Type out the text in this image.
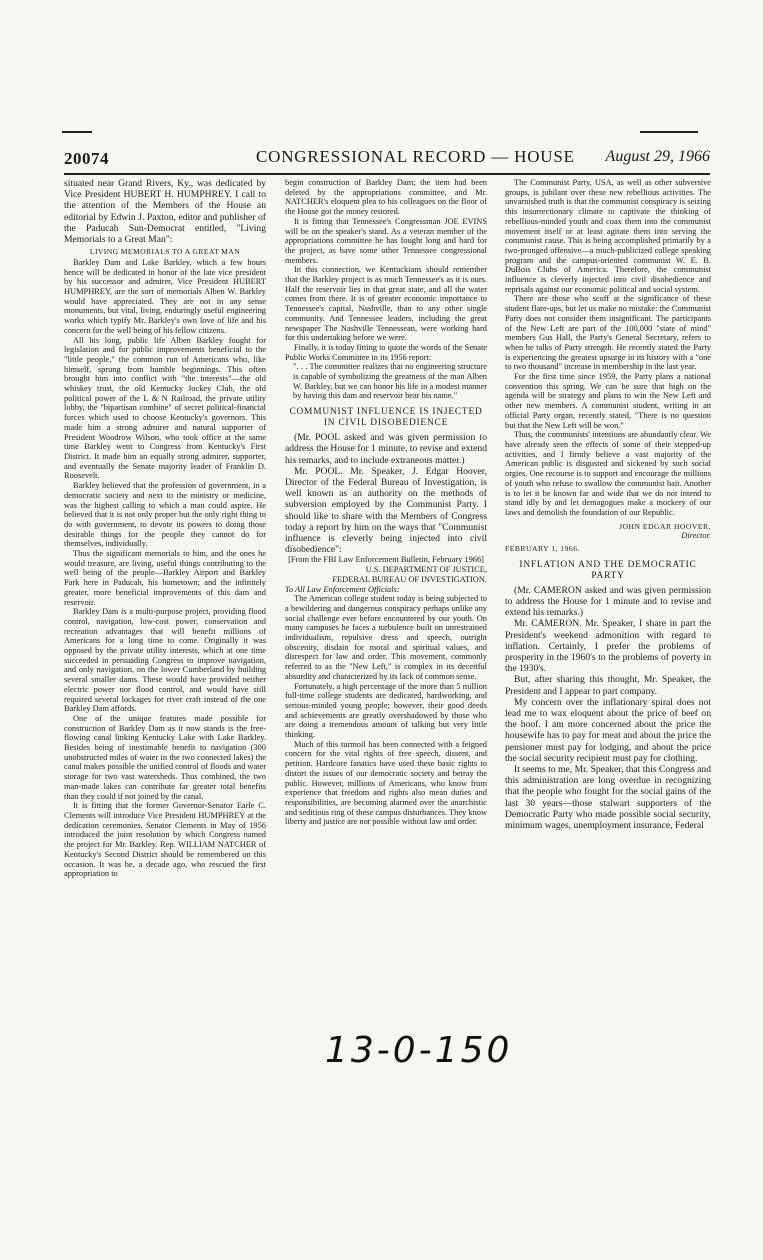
20074	CONGRESSIONAL RECORD — HOUSE August 29, 1966

situated near Grand Rivers, Ky., was dedicated by Vice President HUBERT H. HUMPHREY. I call to the attention of the Members of the House an editorial by Edwin J. Paxton, editor and publisher of the Paducah Sun-Democrat entitled, "Living Memorials to a Great Man":

LIVING MEMORIALS TO A GREAT MAN

Barkley Dam and Lake Barkley, which a few hours hence will be dedicated in honor of the late vice president by his successor and admirer, Vice President HUBERT HUMPHREY, are the sort of memorials Alben W. Barkley would have appreciated. They are not in any sense monuments, but vital, living, enduringly useful engineering works which typify Mr. Barkley's own love of life and his concern for the well being of his fellow citizens.

All his long, public life Alben Barkley fought for legislation and for public improvements beneficial to the "little people," the common run of Americans who, like himself, sprung from humble beginnings. This often brought him into conflict with "the interests"—the old whiskey trust, the old Kentucky Jockey Club, the old political power of the L & N Railroad, the private utility lobby, the "bipartisan combine" of secret political-financial forces which used to choose Kentucky's governors. This made him a strong admirer and natural supporter of President Woodrow Wilson, who took office at the same time Barkley went to Congress from Kentucky's First District. It made him an equally strong admirer, supporter, and eventually the Senate majority leader of Franklin D. Roosevelt.

Barkley believed that the profession of government, in a democratic society and next to the ministry or medicine, was the highest calling to which a man could aspire. He believed that it is not only proper but the only right thing to do with government, to devote its powers to doing those desirable things for the people they cannot do for themselves, individually.

Thus the significant memorials to him, and the ones he would treasure, are living, useful things contributing to the well being of the people—Barkley Airport and Barkley Park here in Paducah, his hometown; and the infinitely greater, more beneficial improvements of this dam and reservoir.

Barkley Dam is a multi-purpose project, providing flood control, navigation, low-cost power, conservation and recreation advantages that will benefit millions of Americans for a long time to come. Originally it was opposed by the private utility interests, which at one time succeeded in persuading Congress to improve navigation, and only navigation, on the lower Cumberland by building several smaller dams. These would have provided neither electric power nor flood control, and would have still required several lockages for river craft instead of the one Barkley Dam affords.

One of the unique features made possible for construction of Barkley Dam as it now stands is the free-flowing canal linking Kentucky Lake with Lake Barkley. Besides being of inestimable benefit to navigation (300 unobstructed miles of water in the two connected lakes) the canal makes possible the unified control of floods and water storage for two vast watersheds. Thus combined, the two man-made lakes can contribute far greater total benefits than they could if not joined by the canal.

It is fitting that the former Governor-Senator Earle C. Clements will introduce Vice President HUMPHREY at the dedication ceremonies. Senator Clements in May of 1956 introduced the joint resolution by which Congress named the project for Mr. Barkley. Rep. WILLIAM NATCHER of Kentucky's Second District should be remembered on this occasion. It was he, a decade ago, who rescued the first appropriation to

begin construction of Barkley Dam; the item had been deleted by the appropriations committee, and Mr. NATCHER's eloquent plea to his colleagues on the floor of the House got the money restored.

It is fitting that Tennessee's Congressman JOE EVINS will be on the speaker's stand. As a veteran member of the appropriations committee he has fought long and hard for the project, as have some other Tennessee congressional members.

In this connection, we Kentuckians should remember that the Barkley project is as much Tennessee's as it is ours. Half the reservoir lies in that great state, and all the water comes from there. It is of greater economic importance to Tennessee's capital, Nashville, than to any other single community. And Tennessee leaders, including the great newspaper The Nashville Tennessean, were working hard for this undertaking before we were.

Finally, it is today fitting to quote the words of the Senate Public Works Committee in its 1956 report:

". . . The committee realizes that no engineering structure is capable of symbolizing the greatness of the man Alben W. Barkley, but we can honor his life in a modest manner by having this dam and reservoir bear his name."

COMMUNIST INFLUENCE IS INJECTED IN CIVIL DISOBEDIENCE

(Mr. POOL asked and was given permission to address the House for 1 minute, to revise and extend his remarks, and to include extraneous matter.)

Mr. POOL. Mr. Speaker, J. Edgar Hoover, Director of the Federal Bureau of Investigation, is well known as an authority on the methods of subversion employed by the Communist Party. I should like to share with the Members of Congress today a report by him on the ways that "Communist influence is cleverly being injected into civil disobedience":

[From the FBI Law Enforcement Bulletin, February 1966]

U.S. DEPARTMENT OF JUSTICE,

FEDERAL BUREAU OF INVESTIGATION.

To All Law Enforcement Officials:

The American college student today is being subjected to a bewildering and dangerous conspiracy perhaps unlike any social challenge ever before encountered by our youth. On many campuses he faces a turbulence built on unrestrained individualism, repulsive dress and speech, outright obscenity, disdain for moral and spiritual values, and disrespect for law and order. This movement, commonly referred to as the "New Left," is complex in its deceitful absurdity and characterized by its lack of common sense.

Fortunately, a high percentage of the more than 5 million full-time college students are dedicated, hardworking, and serious-minded young people; however, their good deeds and achievements are greatly overshadowed by those who are doing a tremendous amount of talking but very little thinking.

Much of this turmoil has been connected with a feigned concern for the vital rights of free speech, dissent, and petition. Hardcore fanatics have used these basic rights to distort the issues of our democratic society and betray the public. However, millions of Americans, who know from experience that freedom and rights also mean duties and responsibilities, are becoming alarmed over the anarchistic and seditious ring of these campus disturbances. They know liberty and justice are not possible without law and order.

The Communist Party, USA, as well as other subversive groups, is jubilant over these new rebellious activities. The unvarnished truth is that the communist conspiracy is seizing this insurrectionary climate to captivate the thinking of rebellious-minded youth and coax them into the communist movement itself or at least agitate them into serving the communist cause. This is being accomplished primarily by a two-pronged offensive—a much-publicized college speaking program and the campus-oriented communist W. E. B. DuBois Clubs of America. Therefore, the communist influence is cleverly injected into civil disobedience and reprisals against our economic political and social system.

There are those who scoff at the significance of these student flare-ups, but let us make no mistake: the Communist Party does not consider them insignificant. The participants of the New Left are part of the 100,000 "state of mind" members Gus Hall, the Party's General Secretary, refers to when he talks of Party strength. He recently stated the Party is experiencing the greatest upsurge in its history with a "one to two thousand" increase in membership in the last year.

For the first time since 1959, the Party plans a national convention this spring. We can be sure that high on the agenda will be strategy and plans to win the New Left and other new members. A communist student, writing in an official Party organ, recently stated, "There is no question but that the New Left will be won."

Thus, the communists' intentions are abundantly clear. We have already seen the effects of some of their stepped-up activities, and I firmly believe a vast majority of the American public is disgusted and sickened by such social orgies. One recourse is to support and encourage the millions of youth who refuse to swallow the communist bait. Another is to let it be known far and wide that we do not intend to stand idly by and let demagogues make a mockery of our laws and demolish the foundation of our Republic.

JOHN EDGAR HOOVER,

Director.

FEBRUARY 1, 1966.

INFLATION AND THE DEMOCRATIC PARTY

(Mr. CAMERON asked and was given permission to address the House for 1 minute and to revise and extend his remarks.)

Mr. CAMERON. Mr. Speaker, I share in part the President's weekend admonition with regard to inflation. Certainly, I prefer the problems of prosperity in the 1960's to the problems of poverty in the 1930's.

But, after sharing this thought, Mr. Speaker, the President and I appear to part company.

My concern over the inflationary spiral does not lead me to wax eloquent about the price of beef on the hoof. I am more concerned about the price the housewife has to pay for meat and about the price the pensioner must pay for lodging, and about the price the social security recipient must pay for clothing.

It seems to me, Mr. Speaker, that this Congress and this administration are long overdue in recognizing that the people who fought for the social gains of the last 30 years—those stalwart supporters of the Democratic Party who made possible social security, minimum wages, unemployment insurance, Federal

13-0-150
